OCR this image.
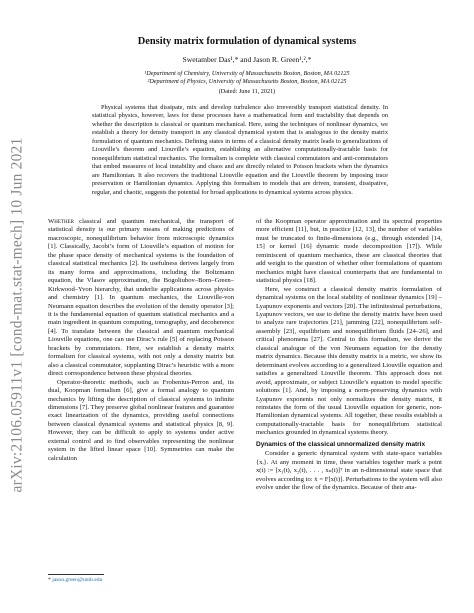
arXiv:2106.05911v1 [cond-mat.stat-mech] 10 Jun 2021
Density matrix formulation of dynamical systems
Swetamber Das¹,* and Jason R. Green¹,²,*
¹Department of Chemistry, University of Massachusetts Boston, Boston, MA 02125
²Department of Physics, University of Massachusetts Boston, Boston, MA 02125
(Dated: June 11, 2021)
Physical systems that dissipate, mix and develop turbulence also irreversibly transport statistical density. In statistical physics, however, laws for these processes have a mathematical form and tractability that depends on whether the description is classical or quantum mechanical. Here, using the techniques of nonlinear dynamics, we establish a theory for density transport in any classical dynamical system that is analogous to the density matrix formulation of quantum mechanics. Defining states in terms of a classical density matrix leads to generalizations of Liouville’s theorem and Liouville’s equation, establishing an alternative computationally-tractable basis for nonequilibrium statistical mechanics. The formalism is complete with classical commutators and anti-commutators that embed measures of local instability and chaos and are directly related to Poisson brackets when the dynamics are Hamiltonian. It also recovers the traditional Liouville equation and the Liouville theorem by imposing trace preservation or Hamiltonian dynamics. Applying this formalism to models that are driven, transient, dissipative, regular, and chaotic, suggests the potential for broad applications to dynamical systems across physics.

Whether classical and quantum mechanical, the transport of statistical density is our primary means of making predictions of macroscopic, nonequilibrium behavior from microscopic dynamics [1]. Classically, Jacobi’s form of Liouville’s equation of motion for the phase space density of mechanical systems is the foundation of classical statistical mechanics [2]. Its usefulness derives largely from its many forms and approximations, including the Boltzmann equation, the Vlasov approximation, the Bogoliubov–Born–Green–Kirkwood–Yvon hierarchy, that underlie applications across physics and chemistry [1]. In quantum mechanics, the Liouville-von Neumann equation describes the evolution of the density operator [3]; it is the fundamental equation of quantum statistical mechanics and a main ingredient in quantum computing, tomography, and decoherence [4]. To translate between the classical and quantum mechanical Liouville equations, one can use Dirac’s rule [5] of replacing Poisson brackets by commutators. Here, we establish a density matrix formalism for classical systems, with not only a density matrix but also a classical commutator, supplanting Dirac’s heuristic with a more direct correspondence between these physical theories.

Operator-theoretic methods, such as Frobenius-Perron and, its dual, Koopman formalism [6], give a formal analogy to quantum mechanics by lifting the description of classical systems to infinite dimensions [7]. They preserve global nonlinear features and guarantee exact linearization of the dynamics, providing useful connections between classical dynamical systems and statistical physics [8, 9]. However, they can be difficult to apply to systems under active external control and to find observables representing the nonlinear system in the lifted linear space [10]. Symmetries can make the calculation

of the Koopman operator approximation and its spectral properties more efficient [11], but, in practice [12, 13], the number of variables must be truncated to finite-dimensions (e.g., through extended [14, 15] or kernel [16] dynamic mode decomposition [17]). While reminiscent of quantum mechanics, these are classical theories that add weight to the question of whether other formulations of quantum mechanics might have classical counterparts that are fundamental to statistical physics [18].

Here, we construct a classical density matrix formulation of dynamical systems on the local stability of nonlinear dynamics [19] – Lyapunov exponents and vectors [20]. The infinitesimal perturbations, Lyapunov vectors, we use to define the density matrix have been used to analyze rare trajectories [21], jamming [22], nonequilibrium self-assembly [23], equilibrium and nonequilibrium fluids [24–26], and critical phenomena [27]. Central to this formalism, we derive the classical analogue of the von Neumann equation for the density matrix dynamics. Because this density matrix is a metric, we show its determinant evolves according to a generalized Liouville equation and satisfies a generalized Liouville theorem. This approach does not avoid, approximate, or subject Liouville’s equation to model specific solutions [1]. And, by imposing a norm-preserving dynamics with Lyapunov exponents not only normalizes the density matrix, it reinstates the form of the usual Liouville equation for generic, non-Hamiltonian dynamical systems. All together, these results establish a computationally-tractable basis for nonequilibrium statistical mechanics grounded in dynamical systems theory.

Dynamics of the classical unnormalized density matrix

Consider a generic dynamical system with state-space variables {xᵢ}. At any moment in time, these variables together mark a point x(t) := [x₁(t), x₂(t), . . . , xₙ(t)]ᵀ in an n-dimensional state space that evolves according to: ẋ = F[x(t)]. Perturbations to the system will also evolve under the flow of the dynamics. Because of their ana-

* jason.green@umb.edu
